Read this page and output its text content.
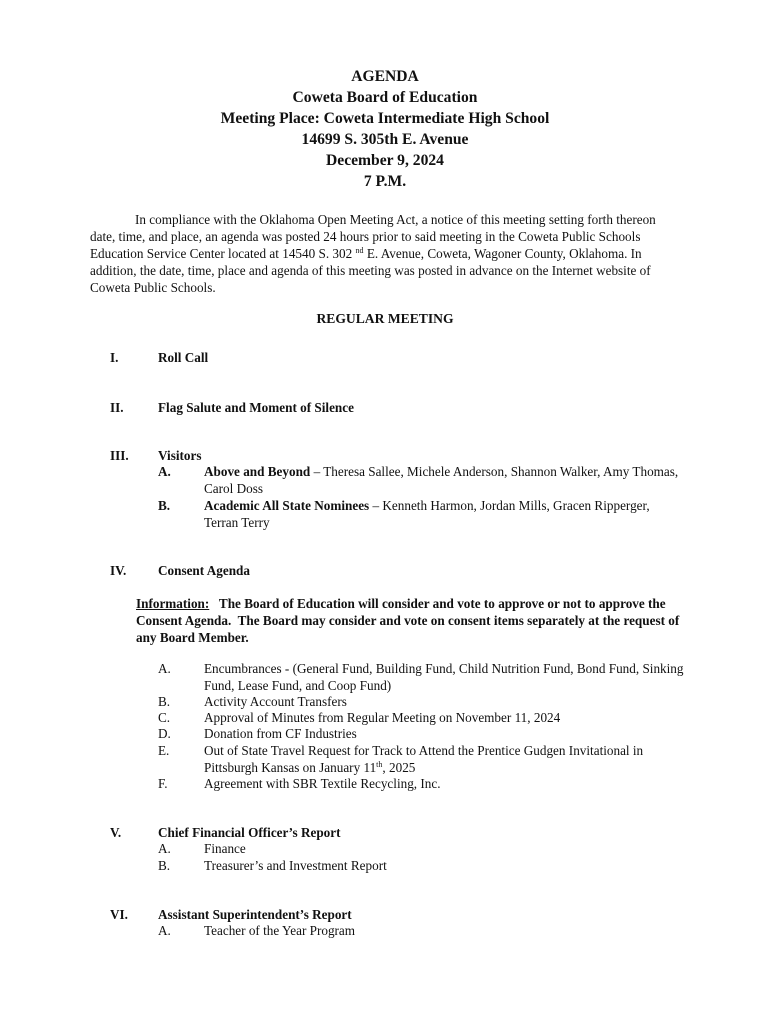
AGENDA
Coweta Board of Education
Meeting Place: Coweta Intermediate High School
14699 S. 305th E. Avenue
December 9, 2024
7 P.M.

In compliance with the Oklahoma Open Meeting Act, a notice of this meeting setting forth thereon date, time, and place, an agenda was posted 24 hours prior to said meeting in the Coweta Public Schools Education Service Center located at 14540 S. 302 $^{nd}$ E. Avenue, Coweta, Wagoner County, Oklahoma. In addition, the date, time, place and agenda of this meeting was posted in advance on the Internet website of Coweta Public Schools.

REGULAR MEETING
I.	Roll Call
II.	Flag Salute and Moment of Silence
III. Visitors
A.	Above and Beyond – Theresa Sallee, Michele Anderson, Shannon Walker, Amy Thomas, Carol Doss
B.	Academic All State Nominees – Kenneth Harmon, Jordan Mills, Gracen Ripperger, Terran Terry
IV. Consent Agenda
Information:   The Board of Education will consider and vote to approve or not to approve the Consent Agenda.  The Board may consider and vote on consent items separately at the request of any Board Member.
A.	Encumbrances - (General Fund, Building Fund, Child Nutrition Fund, Bond Fund, Sinking Fund, Lease Fund, and Coop Fund)
B.	Activity Account Transfers
C.	Approval of Minutes from Regular Meeting on November 11, 2024
D.	Donation from CF Industries
E.	Out of State Travel Request for Track to Attend the Prentice Gudgen Invitational in Pittsburgh Kansas on January 11th, 2025
F.	Agreement with SBR Textile Recycling, Inc.
V.	Chief Financial Officer’s Report
A.	Finance
B.	Treasurer’s and Investment Report
VI. Assistant Superintendent’s Report
A.	Teacher of the Year Program
